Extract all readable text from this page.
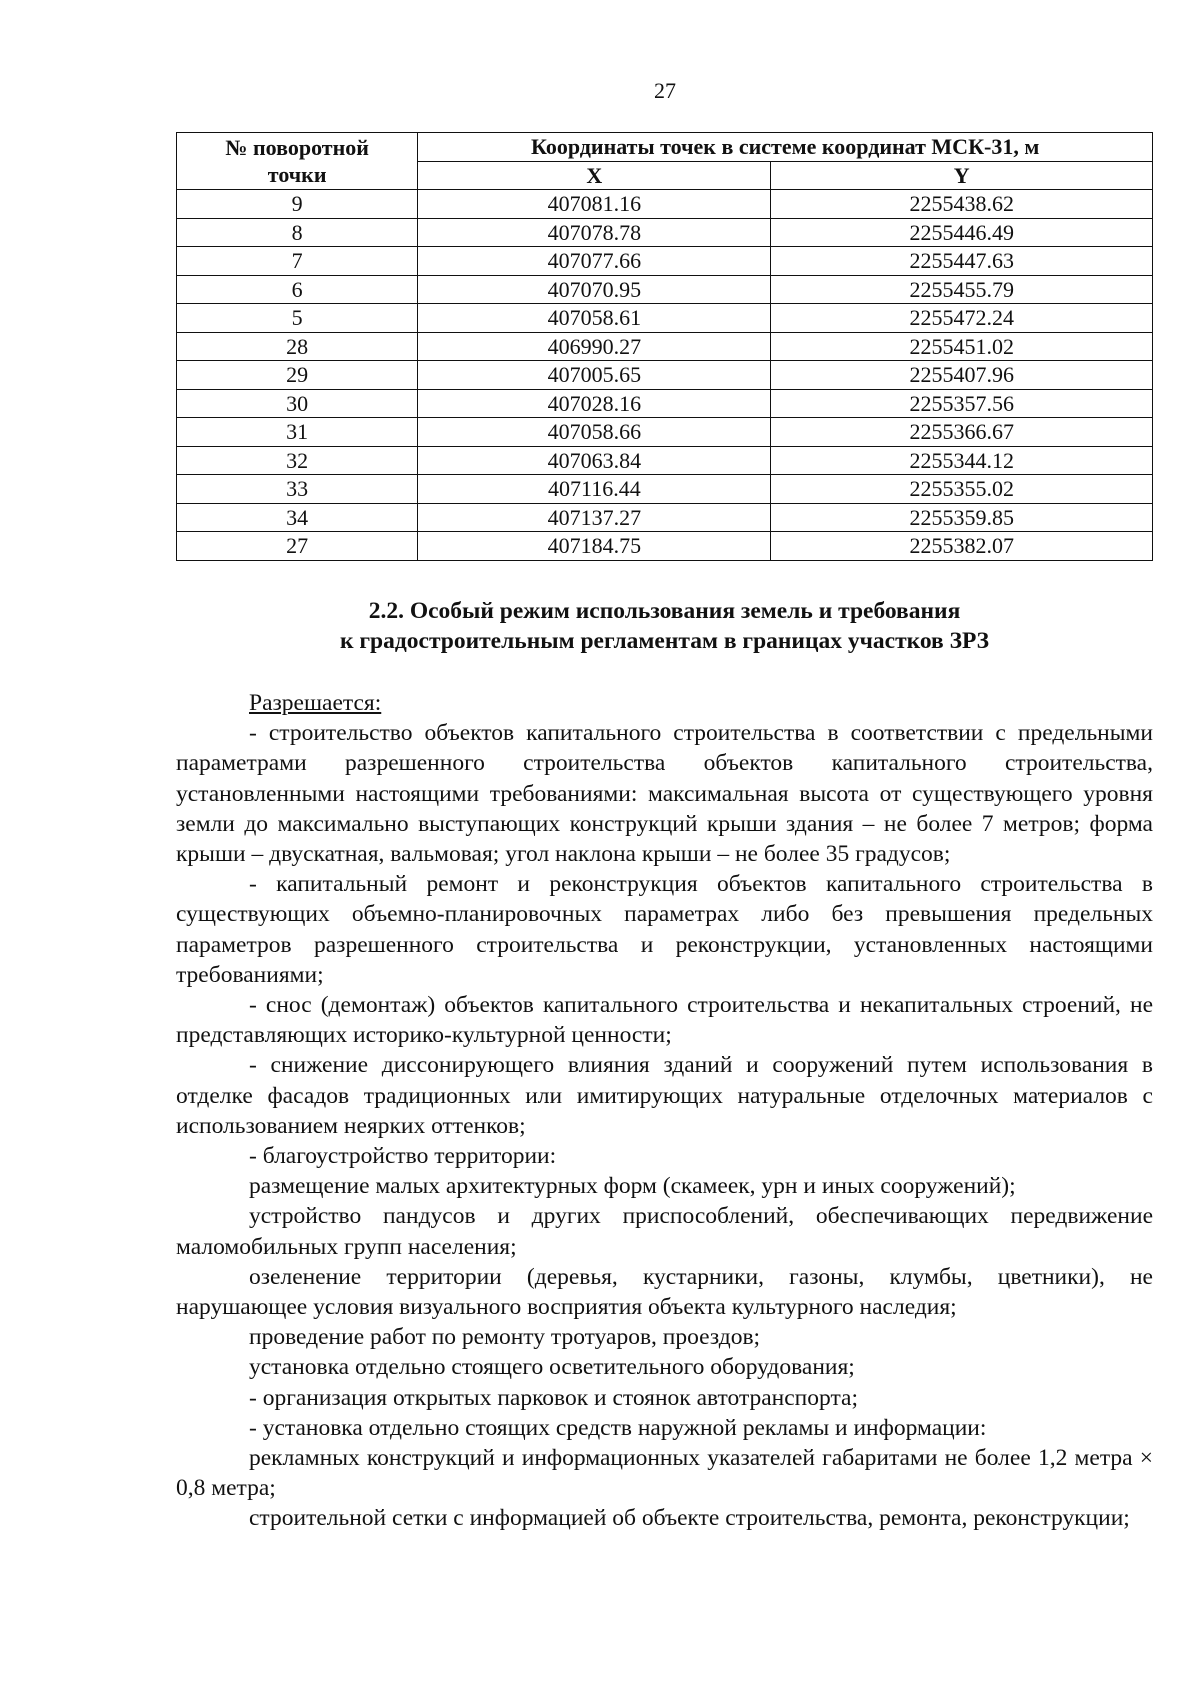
27
№ поворотной
точки	Координаты точек в системе координат МСК-31, м	
	X	Y
9	407081.16	2255438.62
8	407078.78	2255446.49
7	407077.66	2255447.63
6	407070.95	2255455.79
5	407058.61	2255472.24
28	406990.27	2255451.02
29	407005.65	2255407.96
30	407028.16	2255357.56
31	407058.66	2255366.67
32	407063.84	2255344.12
33	407116.44	2255355.02
34	407137.27	2255359.85
27	407184.75	2255382.07
2.2. Особый режим использования земель и требования
к градостроительным регламентам в границах участков ЗРЗ
Разрешается:

- строительство объектов капитального строительства в соответствии с предельными параметрами разрешенного строительства объектов капитального строительства, установленными настоящими требованиями: максимальная высота от существующего уровня земли до максимально выступающих конструкций крыши здания – не более 7 метров; форма крыши – двускатная, вальмовая; угол наклона крыши – не более 35 градусов;

- капитальный ремонт и реконструкция объектов капитального строительства в существующих объемно-планировочных параметрах либо без превышения предельных параметров разрешенного строительства и реконструкции, установленных настоящими требованиями;

- снос (демонтаж) объектов капитального строительства и некапитальных строений, не представляющих историко-культурной ценности;

- снижение диссонирующего влияния зданий и сооружений путем использования в отделке фасадов традиционных или имитирующих натуральные отделочных материалов с использованием неярких оттенков;

- благоустройство территории:

размещение малых архитектурных форм (скамеек, урн и иных сооружений);

устройство пандусов и других приспособлений, обеспечивающих передвижение маломобильных групп населения;

озеленение территории (деревья, кустарники, газоны, клумбы, цветники), не нарушающее условия визуального восприятия объекта культурного наследия;

проведение работ по ремонту тротуаров, проездов;

установка отдельно стоящего осветительного оборудования;

- организация открытых парковок и стоянок автотранспорта;

- установка отдельно стоящих средств наружной рекламы и информации:

рекламных конструкций и информационных указателей габаритами не более 1,2 метра × 0,8 метра;

строительной сетки с информацией об объекте строительства, ремонта, реконструкции;
